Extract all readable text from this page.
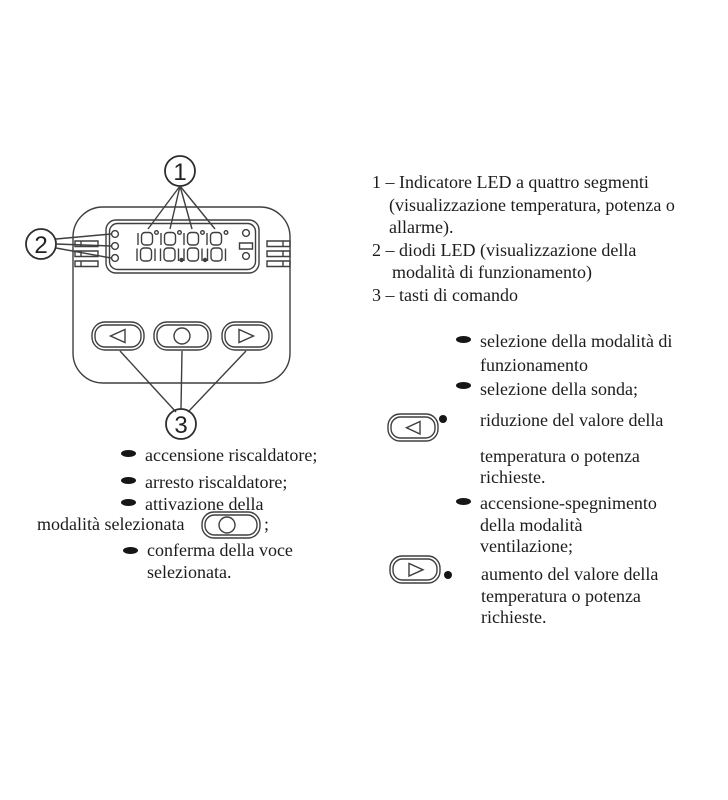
1
2
3
1 – Indicatore LED a quattro segmenti
(visualizzazione temperatura, potenza o
allarme).
2 – diodi LED (visualizzazione della
modalità di funzionamento)
3 – tasti di comando
selezione della modalità di
funzionamento
selezione della sonda;
riduzione del valore della
temperatura o potenza
richieste.
accensione-spegnimento
della modalità
ventilazione;
aumento del valore della
temperatura o potenza
richieste.
accensione riscaldatore;
arresto riscaldatore;
attivazione della
modalità selezionata	;
conferma della voce
selezionata.
